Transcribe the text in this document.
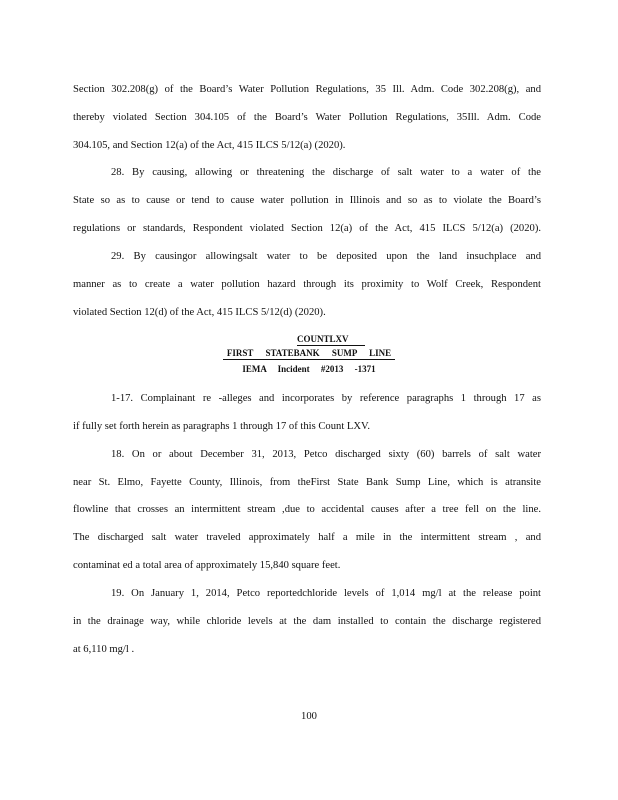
Section 302.208(g) of the Board’s Water Pollution Regulations, 35 Ill. Adm. Code 302.208(g), and
thereby violated Section 304.105 of the Board’s Water Pollution Regulations, 35Ill. Adm. Code
304.105, and Section 12(a) of the Act, 415 ILCS 5/12(a) (2020).
28. By causing, allowing or threatening the discharge of salt water to a water of the
State so as to cause or tend to cause water pollution in Illinois and so as to violate the Board’s
regulations or standards, Respondent violated Section 12(a) of the Act, 415 ILCS 5/12(a) (2020).
29. By causingor allowingsalt water to be deposited upon the land insuchplace and
manner as to create a water pollution hazard through its proximity to Wolf Creek, Respondent
violated Section 12(d) of the Act, 415 ILCS 5/12(d) (2020).
COUNTLXV
FIRST STATEBANK SUMP LINE
IEMA Incident #2013 -1371
1-17. Complainant re -alleges and incorporates by reference paragraphs 1 through 17 as
if fully set forth herein as paragraphs 1 through 17 of this Count LXV.
18. On or about December 31, 2013, Petco discharged sixty (60) barrels of salt water
near St. Elmo, Fayette County, Illinois, from theFirst State Bank Sump Line, which is atransite
flowline that crosses an intermittent stream ,due to accidental causes after a tree fell on the line.
The discharged salt water traveled approximately half a mile in the intermittent stream , and
contaminat ed a total area of approximately 15,840 square feet.
19. On January 1, 2014, Petco reportedchloride levels of 1,014 mg/l at the release point
in the drainage way, while chloride levels at the dam installed to contain the discharge registered
at 6,110 mg/l .
100
